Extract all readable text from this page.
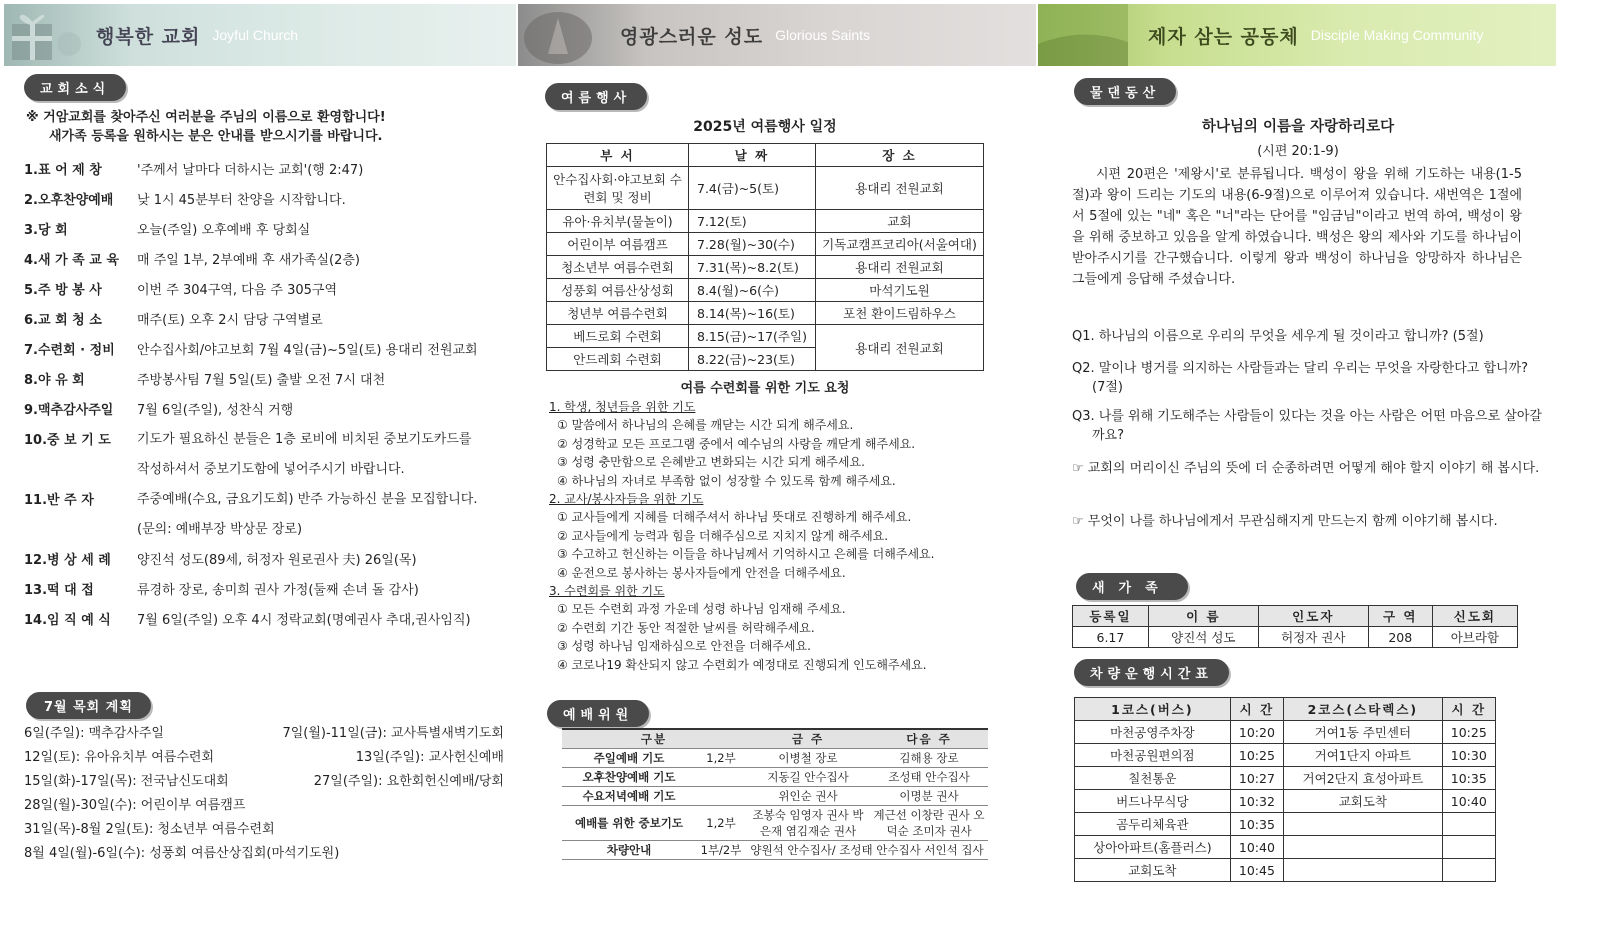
행복한 교회 Joyful Church	영광스러운 성도 Glorious Saints	제자 삼는 공동체 Disciple Making Community
교회소식
※ 거암교회를 찾아주신 여러분을 주님의 이름으로 환영합니다!
새가족 등록을 원하시는 분은 안내를 받으시기를 바랍니다.
1.표 어 제 창	'주께서 날마다 더하시는 교회'(행 2:47)
2.오후찬양예배	낮 1시 45분부터 찬양을 시작합니다.
3.당 회	오늘(주일) 오후예배 후 당회실
4.새 가 족 교 육	매 주일 1부, 2부예배 후 새가족실(2층)
5.주 방 봉 사	이번 주 304구역, 다음 주 305구역
6.교 회 청 소	매주(토) 오후 2시 담당 구역별로
7.수련회 · 정비	안수집사회/야고보회 7월 4일(금)~5일(토) 용대리 전원교회
8.야 유 회	주방봉사팀 7월 5일(토) 출발 오전 7시 대천
9.맥추감사주일	7월 6일(주일), 성찬식 거행
10.중 보 기 도	기도가 필요하신 분들은 1층 로비에 비치된 중보기도카드를
작성하셔서 중보기도함에 넣어주시기 바랍니다.
11.반 주 자	주중예배(수요, 금요기도회) 반주 가능하신 분을 모집합니다.
(문의: 예배부장 박상문 장로)
12.병 상 세 례	양진석 성도(89세, 허정자 원로권사 夫) 26일(목)
13.떡 대 접	류경하 장로, 송미희 권사 가정(둘째 손녀 돌 감사)
14.임 직 예 식	7월 6일(주일) 오후 4시 정락교회(명예권사 추대,권사임직)
7월 목회 계획
6일(주일): 맥추감사주일	7일(월)-11일(금): 교사특별새벽기도회
12일(토): 유아유치부 여름수련회	13일(주일): 교사헌신예배
15일(화)-17일(목): 전국남신도대회	27일(주일): 요한회헌신예배/당회
28일(월)-30일(수): 어린이부 여름캠프
31일(목)-8월 2일(토): 청소년부 여름수련회
8월 4일(월)-6일(수): 성풍회 여름산상집회(마석기도원)
여름행사
2025년 여름행사 일정
부 서	날 짜	장 소
안수집사회·야고보회 수련회 및 정비	7.4(금)~5(토)	용대리 전원교회
유아·유치부(물놀이)	7.12(토)	교회
어린이부 여름캠프	7.28(월)~30(수)	기독교캠프코리아(서울여대)
청소년부 여름수련회	7.31(목)~8.2(토)	용대리 전원교회
성풍회 여름산상성회	8.4(월)~6(수)	마석기도원
청년부 여름수련회	8.14(목)~16(토)	포천 환이드림하우스
베드로회 수련회	8.15(금)~17(주일)	용대리 전원교회
안드레회 수련회	8.22(금)~23(토)	
여름 수련회를 위한 기도 요청
1. 학생, 청년들을 위한 기도
① 말씀에서 하나님의 은혜를 깨닫는 시간 되게 해주세요.
② 성경학교 모든 프로그램 중에서 예수님의 사랑을 깨닫게 해주세요.
③ 성령 충만함으로 은혜받고 변화되는 시간 되게 해주세요.
④ 하나님의 자녀로 부족함 없이 성장할 수 있도록 함께 해주세요.
2. 교사/봉사자들을 위한 기도
① 교사들에게 지혜를 더해주셔서 하나님 뜻대로 진행하게 해주세요.
② 교사들에게 능력과 힘을 더해주심으로 지치지 않게 해주세요.
③ 수고하고 헌신하는 이들을 하나님께서 기억하시고 은혜를 더해주세요.
④ 운전으로 봉사하는 봉사자들에게 안전을 더해주세요.
3. 수련회를 위한 기도
① 모든 수련회 과정 가운데 성령 하나님 임재해 주세요.
② 수련회 기간 동안 적절한 날씨를 허락해주세요.
③ 성령 하나님 임재하심으로 안전을 더해주세요.
④ 코로나19 확산되지 않고 수련회가 예정대로 진행되게 인도해주세요.
예배위원
구분		금 주	다음 주
주일예배 기도	1,2부	이병철 장로	김해용 장로
오후찬양예배 기도		지동길 안수집사	조성태 안수집사
수요저녁예배 기도		위인순 권사	이명분 권사
예배를 위한 중보기도	1,2부	조봉숙 임영자 권사 박은재 염김재순 권사	계근선 이창란 권사 오덕순 조미자 권사
차량안내	1부/2부	양원석 안수집사/ 조성태 안수집사 서인석 집사	
물댄동산
하나님의 이름을 자랑하리로다
(시편 20:1-9)
시편 20편은 '제왕시'로 분류됩니다. 백성이 왕을 위해 기도하는 내용(1-5절)과 왕이 드리는 기도의 내용(6-9절)으로 이루어져 있습니다. 새번역은 1절에서 5절에 있는 "네" 혹은 "너"라는 단어를 "임금님"이라고 번역 하여, 백성이 왕을 위해 중보하고 있음을 알게 하였습니다. 백성은 왕의 제사와 기도를 하나님이 받아주시기를 간구했습니다. 이렇게 왕과 백성이 하나님을 앙망하자 하나님은 그들에게 응답해 주셨습니다.
Q1. 하나님의 이름으로 우리의 무엇을 세우게 될 것이라고 합니까? (5절)
Q2. 말이나 병거를 의지하는 사람들과는 달리 우리는 무엇을 자랑한다고 합니까? (7절)
Q3. 나를 위해 기도해주는 사람들이 있다는 것을 아는 사람은 어떤 마음으로 살아갈까요?
☞ 교회의 머리이신 주님의 뜻에 더 순종하려면 어떻게 해야 할지 이야기 해 봅시다.
☞ 무엇이 나를 하나님에게서 무관심해지게 만드는지 함께 이야기해 봅시다.
새가족
등록일	이 름	인도자	구 역	신도회
6.17	양진석 성도	허정자 권사	208	아브라함
차량운행시간표
1코스(버스)	시 간	2코스(스타렉스)	시 간
마천공영주차장	10:20	거여1동 주민센터	10:25
마천공원편의점	10:25	거여1단지 아파트	10:30
칠천통운	10:27	거여2단지 효성아파트	10:35
버드나무식당	10:32	교회도착	10:40
곰두리체육관	10:35		
상아아파트(홈플러스)	10:40		
교회도착	10:45		
